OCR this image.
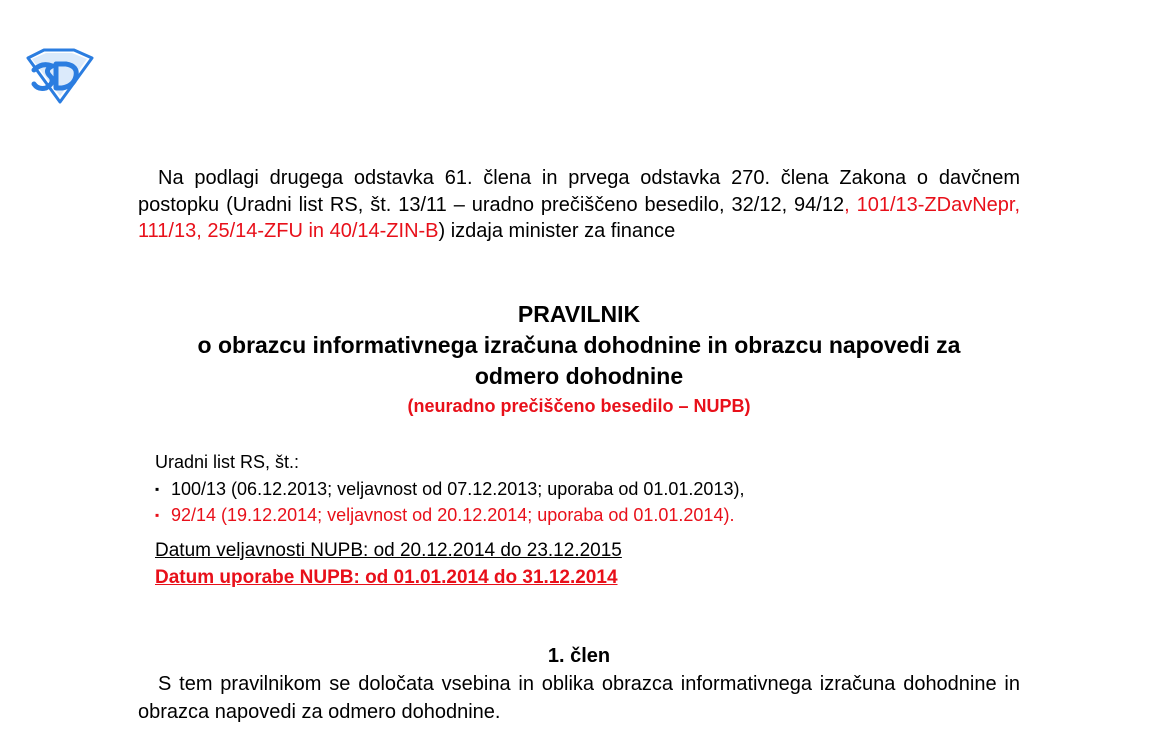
Na podlagi drugega odstavka 61. člena in prvega odstavka 270. člena Zakona o davčnem postopku (Uradni list RS, št. 13/11 – uradno prečiščeno besedilo, 32/12, 94/12, 101/13-ZDavNepr, 111/13, 25/14-ZFU in 40/14-ZIN-B) izdaja minister za finance

PRAVILNIK
o obrazcu informativnega izračuna dohodnine in obrazcu napovedi za odmero dohodnine
(neuradno prečiščeno besedilo – NUPB)
Uradni list RS, št.:
▪ 100/13 (06.12.2013; veljavnost od 07.12.2013; uporaba od 01.01.2013),
▪ 92/14 (19.12.2014; veljavnost od 20.12.2014; uporaba od 01.01.2014).
Datum veljavnosti NUPB: od 20.12.2014 do 23.12.2015
Datum uporabe NUPB: od 01.01.2014 do 31.12.2014
1. člen

S tem pravilnikom se določata vsebina in oblika obrazca informativnega izračuna dohodnine in obrazca napovedi za odmero dohodnine.
